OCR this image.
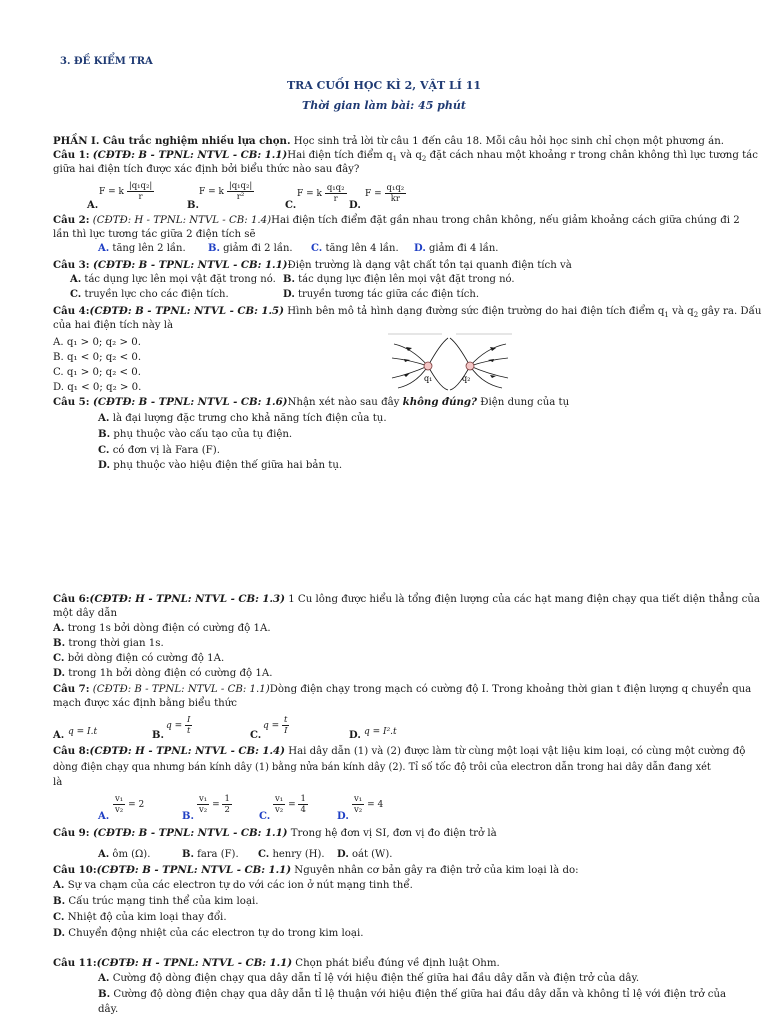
3. ĐỀ KIỂM TRA
TRA CUỐI HỌC KÌ 2, VẬT LÍ 11
Thời gian làm bài: 45 phút
PHẦN I. Câu trắc nghiệm nhiều lựa chọn. Học sinh trả lời từ câu 1 đến câu 18. Mỗi câu hỏi học sinh chỉ chọn một phương án.
Câu 1: (CĐTĐ: B - TPNL: NTVL - CB: 1.1)Hai điện tích điểm $q_1$ và $q_2$ đặt cách nhau một khoảng r trong chân không thì lực tương tác
giữa hai điện tích được xác định bởi biểu thức nào sau đây?
F = k $\frac{\text{|q₁q₂|}}{r}$	F = k $\frac{\text{|q₁q₂|}}{\text{r²}}$	F = k $\frac{\text{q₁q₂}}{r}$ $F = \frac{\text{q₁q₂}}{kr}$
A.	B.	C.	D.
Câu 2: (CĐTĐ: H - TPNL: NTVL - CB: 1.4)Hai điện tích điểm đặt gần nhau trong chân không, nếu giảm khoảng cách giữa chúng đi 2
lần thì lực tương tác giữa 2 điện tích sẽ
A. tăng lên 2 lần. B. giảm đi 2 lần. C. tăng lên 4 lần. D. giảm đi 4 lần.
Câu 3: (CĐTĐ: B - TPNL: NTVL - CB: 1.1)Điện trường là dạng vật chất tồn tại quanh điện tích và
A. tác dụng lực lên mọi vật đặt trong nó. B. tác dụng lực điện lên mọi vật đặt trong nó.
C. truyền lực cho các điện tích.	D. truyền tương tác giữa các điện tích.
Câu 4:(CĐTĐ: B - TPNL: NTVL - CB: 1.5) Hình bên mô tả hình dạng đường sức điện trường do hai điện tích điểm $q_1$ và $q_2$ gây ra. Dấu
của hai điện tích này là
A. q₁ > 0; q₂ > 0.
B. q₁ < 0; q₂ < 0.
C. q₁ > 0; q₂ < 0.
D. q₁ < 0; q₂ > 0.
q₁	q₂
Câu 5: (CĐTĐ: B - TPNL: NTVL - CB: 1.6)Nhận xét nào sau đây không đúng? Điện dung của tụ
A. là đại lượng đặc trưng cho khả năng tích điện của tụ.
B. phụ thuộc vào cấu tạo của tụ điện.
C. có đơn vị là Fara (F).
D. phụ thuộc vào hiệu điện thế giữa hai bản tụ.
Câu 6:(CĐTĐ: H - TPNL: NTVL - CB: 1.3) 1 Cu lông được hiểu là tổng điện lượng của các hạt mang điện chạy qua tiết diện thẳng của
một dây dẫn
A. trong 1s bởi dòng điện có cường độ 1A.
B. trong thời gian 1s.
C. bởi dòng điện có cường độ 1A.
D. trong 1h bởi dòng điện có cường độ 1A.
Câu 7: (CĐTĐ: B - TPNL: NTVL - CB: 1.1)Dòng điện chạy trong mạch có cường độ I. Trong khoảng thời gian t điện lượng q chuyển qua
mạch được xác định bằng biểu thức
A. q = I.t	B.
$q = \frac{I}{t}$	C.
$q = \frac{t}{I}$	D. q = I².t
Câu 8:(CĐTĐ: H - TPNL: NTVL - CB: 1.4) Hai dây dẫn (1) và (2) được làm từ cùng một loại vật liệu kim loại, có cùng một cường độ
dòng điện chạy qua nhưng bán kính dây (1) bằng nửa bán kính dây (2). Tỉ số tốc độ trôi của electron dẫn trong hai dây dẫn đang xét
là
$\frac{\text{v₁}}{\text{v₂}} = 2$	$\frac{\text{v₁}}{\text{v₂}} = \frac{1}{2}$	$\frac{\text{v₁}}{\text{v₂}} = \frac{1}{4}$	$\frac{\text{v₁}}{\text{v₂}} = 4$
A.	B.	C.	D.
Câu 9: (CĐTĐ: B - TPNL: NTVL - CB: 1.1) Trong hệ đơn vị SI, đơn vị đo điện trở là
A. ôm (Ω).	B. fara (F). C. henry (H). D. oát (W).
Câu 10:(CĐTĐ: B - TPNL: NTVL - CB: 1.1) Nguyên nhân cơ bản gây ra điện trở của kim loại là do:
A. Sự va chạm của các electron tự do với các ion ở nút mạng tinh thể.
B. Cấu trúc mạng tinh thể của kim loại.
C. Nhiệt độ của kim loại thay đổi.
D. Chuyển động nhiệt của các electron tự do trong kim loại.
Câu 11:(CĐTĐ: H - TPNL: NTVL - CB: 1.1) Chọn phát biểu đúng về định luật Ohm.
A. Cường độ dòng điện chạy qua dây dẫn tỉ lệ với hiệu điện thế giữa hai đầu dây dẫn và điện trở của dây.
B. Cường độ dòng điện chạy qua dây dẫn tỉ lệ thuận với hiệu điện thế giữa hai đầu dây dẫn và không tỉ lệ với điện trở của
dây.
